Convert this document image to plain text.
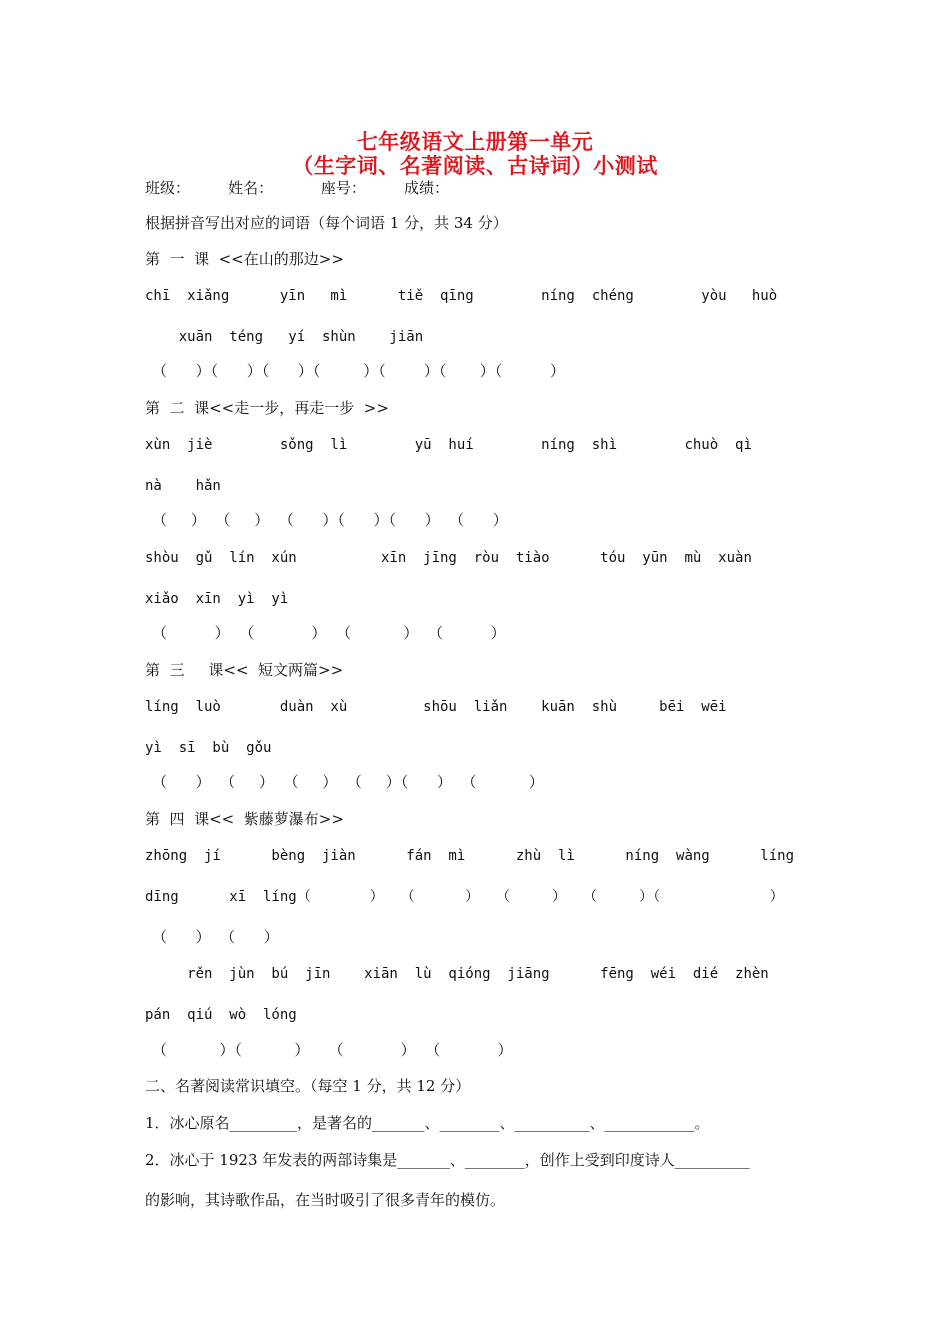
七年级语文上册第一单元
（生字词、名著阅读、古诗词）小测试
班级：        姓名：          座号：        成绩：
根据拼音写出对应的词语（每个词语 1 分，共 34 分）
第  一  课  <<在山的那边>>
chī  xiǎng      yīn   mì      tiě  qīng        níng  chéng        yòu   huò
xuān  téng   yí  shùn    jiān
（      ）（      ）（      ）（         ）（        ）（       ）（          ）
第  二  课<<走一步，再走一步  >>
xùn  jiè        sǒng  lì        yū  huí        níng  shì        chuò  qì
nà    hǎn
（     ）  （     ）  （      ）（      ）（      ）  （      ）
shòu  gǔ  lín  xún          xīn  jīng  ròu  tiào      tóu  yūn  mù  xuàn
xiǎo  xīn  yì  yì
（          ）  （            ）  （           ）  （          ）
第  三     课<<  短文两篇>>
líng  luò       duàn  xù         shōu  liǎn    kuān  shù     bēi  wēi
yì  sī  bù  gǒu
（      ）  （     ）  （     ）  （     ）（      ）  （           ）
第  四  课<<  紫藤萝瀑布>>
zhōng  jí      bèng  jiàn      fán  mì      zhù  lì      níng  wàng      líng
dīng      xī  líng（       ）  （      ）  （     ）  （     ）（             ）
（      ）  （      ）
rěn  jùn  bú  jīn    xiān  lù  qióng  jiāng      fēng  wéi  dié  zhèn
pán  qiú  wò  lóng
（           ）（           ）    （            ）  （            ）
二、名著阅读常识填空。（每空 1 分，共 12 分）
1．冰心原名_________，是著名的_______、________、__________、____________。
2．冰心于 1923 年发表的两部诗集是_______、________，创作上受到印度诗人__________
的影响，其诗歌作品，在当时吸引了很多青年的模仿。
